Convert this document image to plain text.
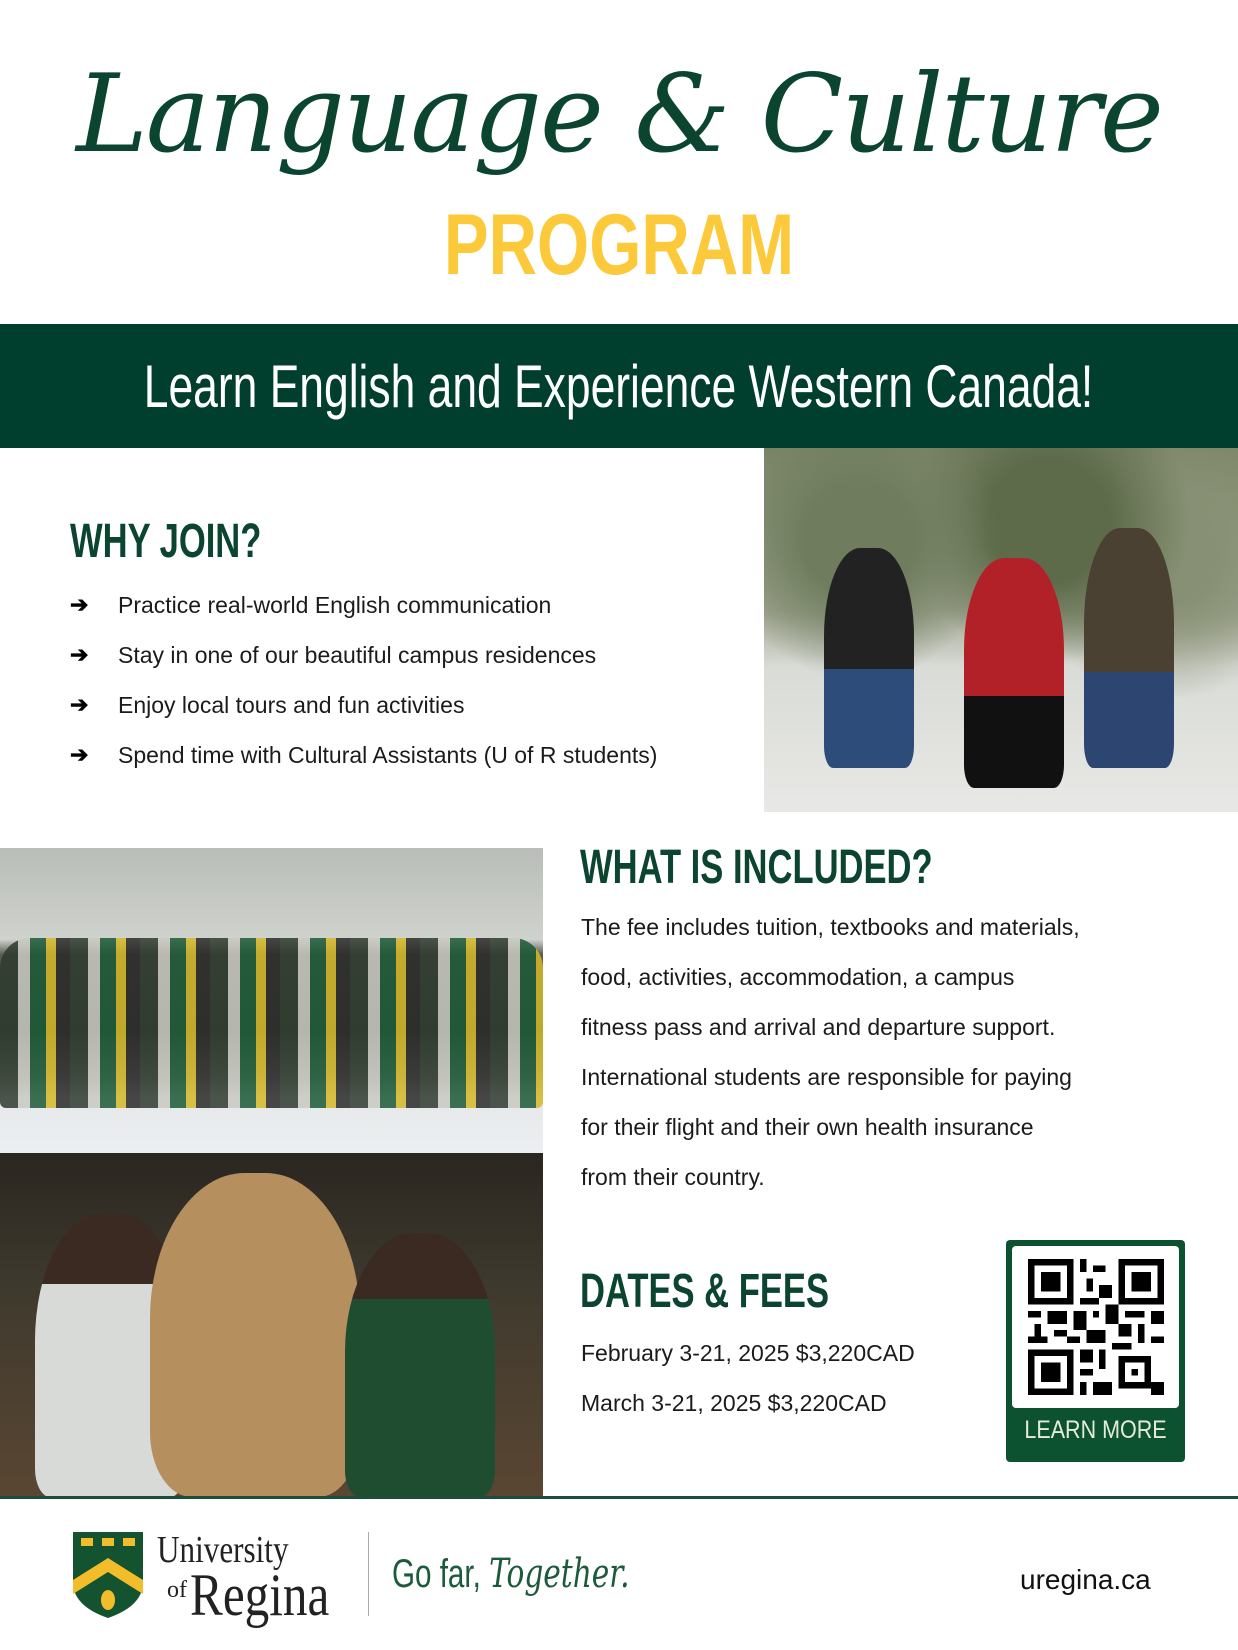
Language & Culture
PROGRAM
Learn English and Experience Western Canada!
WHY JOIN?
➔	Practice real-world English communication
➔	Stay in one of our beautiful campus residences
➔	Enjoy local tours and fun activities
➔	Spend time with Cultural Assistants (U of R students)
WHAT IS INCLUDED?
The fee includes tuition, textbooks and materials,
food, activities, accommodation, a campus
fitness pass and arrival and departure support.
International students are responsible for paying
for their flight and their own health insurance
from their country.
DATES & FEES
February 3-21, 2025 $3,220CAD
March 3-21, 2025 $3,220CAD
LEARN MORE
University
of Regina Go far, Together.	uregina.ca
